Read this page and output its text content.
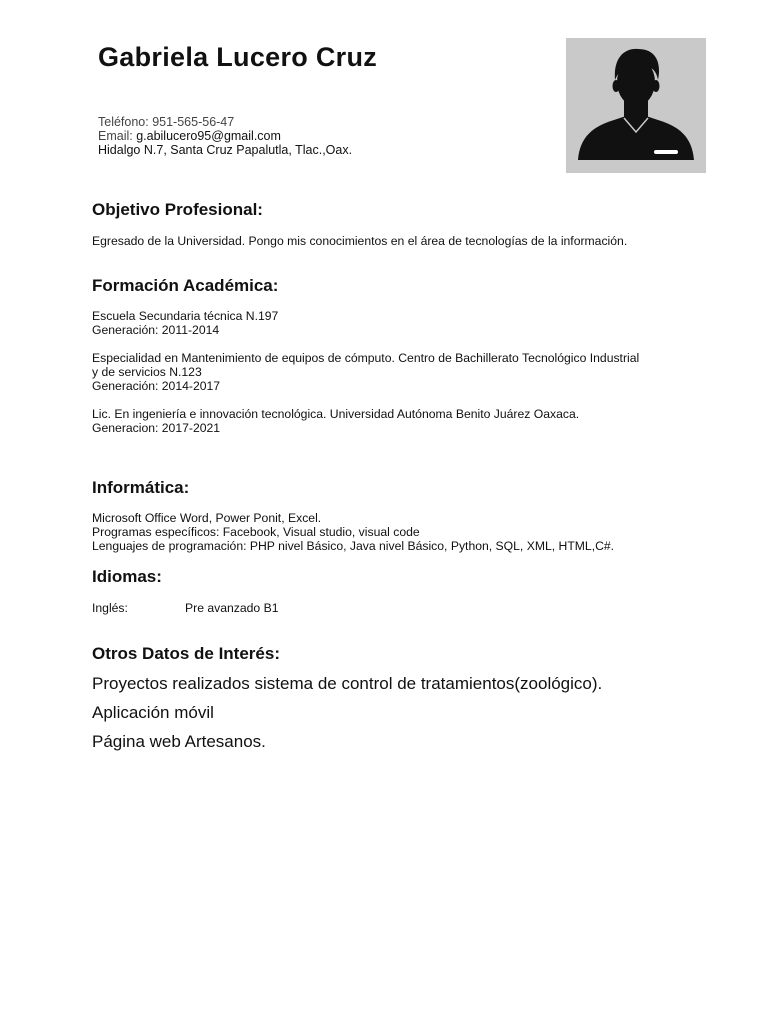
Gabriela Lucero Cruz
Teléfono: 951-565-56-47
Email: g.abilucero95@gmail.com
Hidalgo N.7, Santa Cruz Papalutla, Tlac.,Oax.
Objetivo Profesional:
Egresado de la Universidad. Pongo mis conocimientos en el área de tecnologías de la información.
Formación Académica:
Escuela Secundaria técnica N.197
Generación: 2011-2014
Especialidad en Mantenimiento de equipos de cómputo. Centro de Bachillerato Tecnológico Industrial
y de servicios N.123
Generación: 2014-2017
Lic. En ingeniería e innovación tecnológica. Universidad Autónoma Benito Juárez Oaxaca.
Generacion: 2017-2021
Informática:
Microsoft Office Word, Power Ponit, Excel.
Programas específicos: Facebook, Visual studio, visual code
Lenguajes de programación: PHP nivel Básico, Java nivel Básico, Python, SQL, XML, HTML,C#.
Idiomas:
Inglés:	Pre avanzado B1
Otros Datos de Interés:
Proyectos realizados sistema de control de tratamientos(zoológico).
Aplicación móvil
Página web Artesanos.
